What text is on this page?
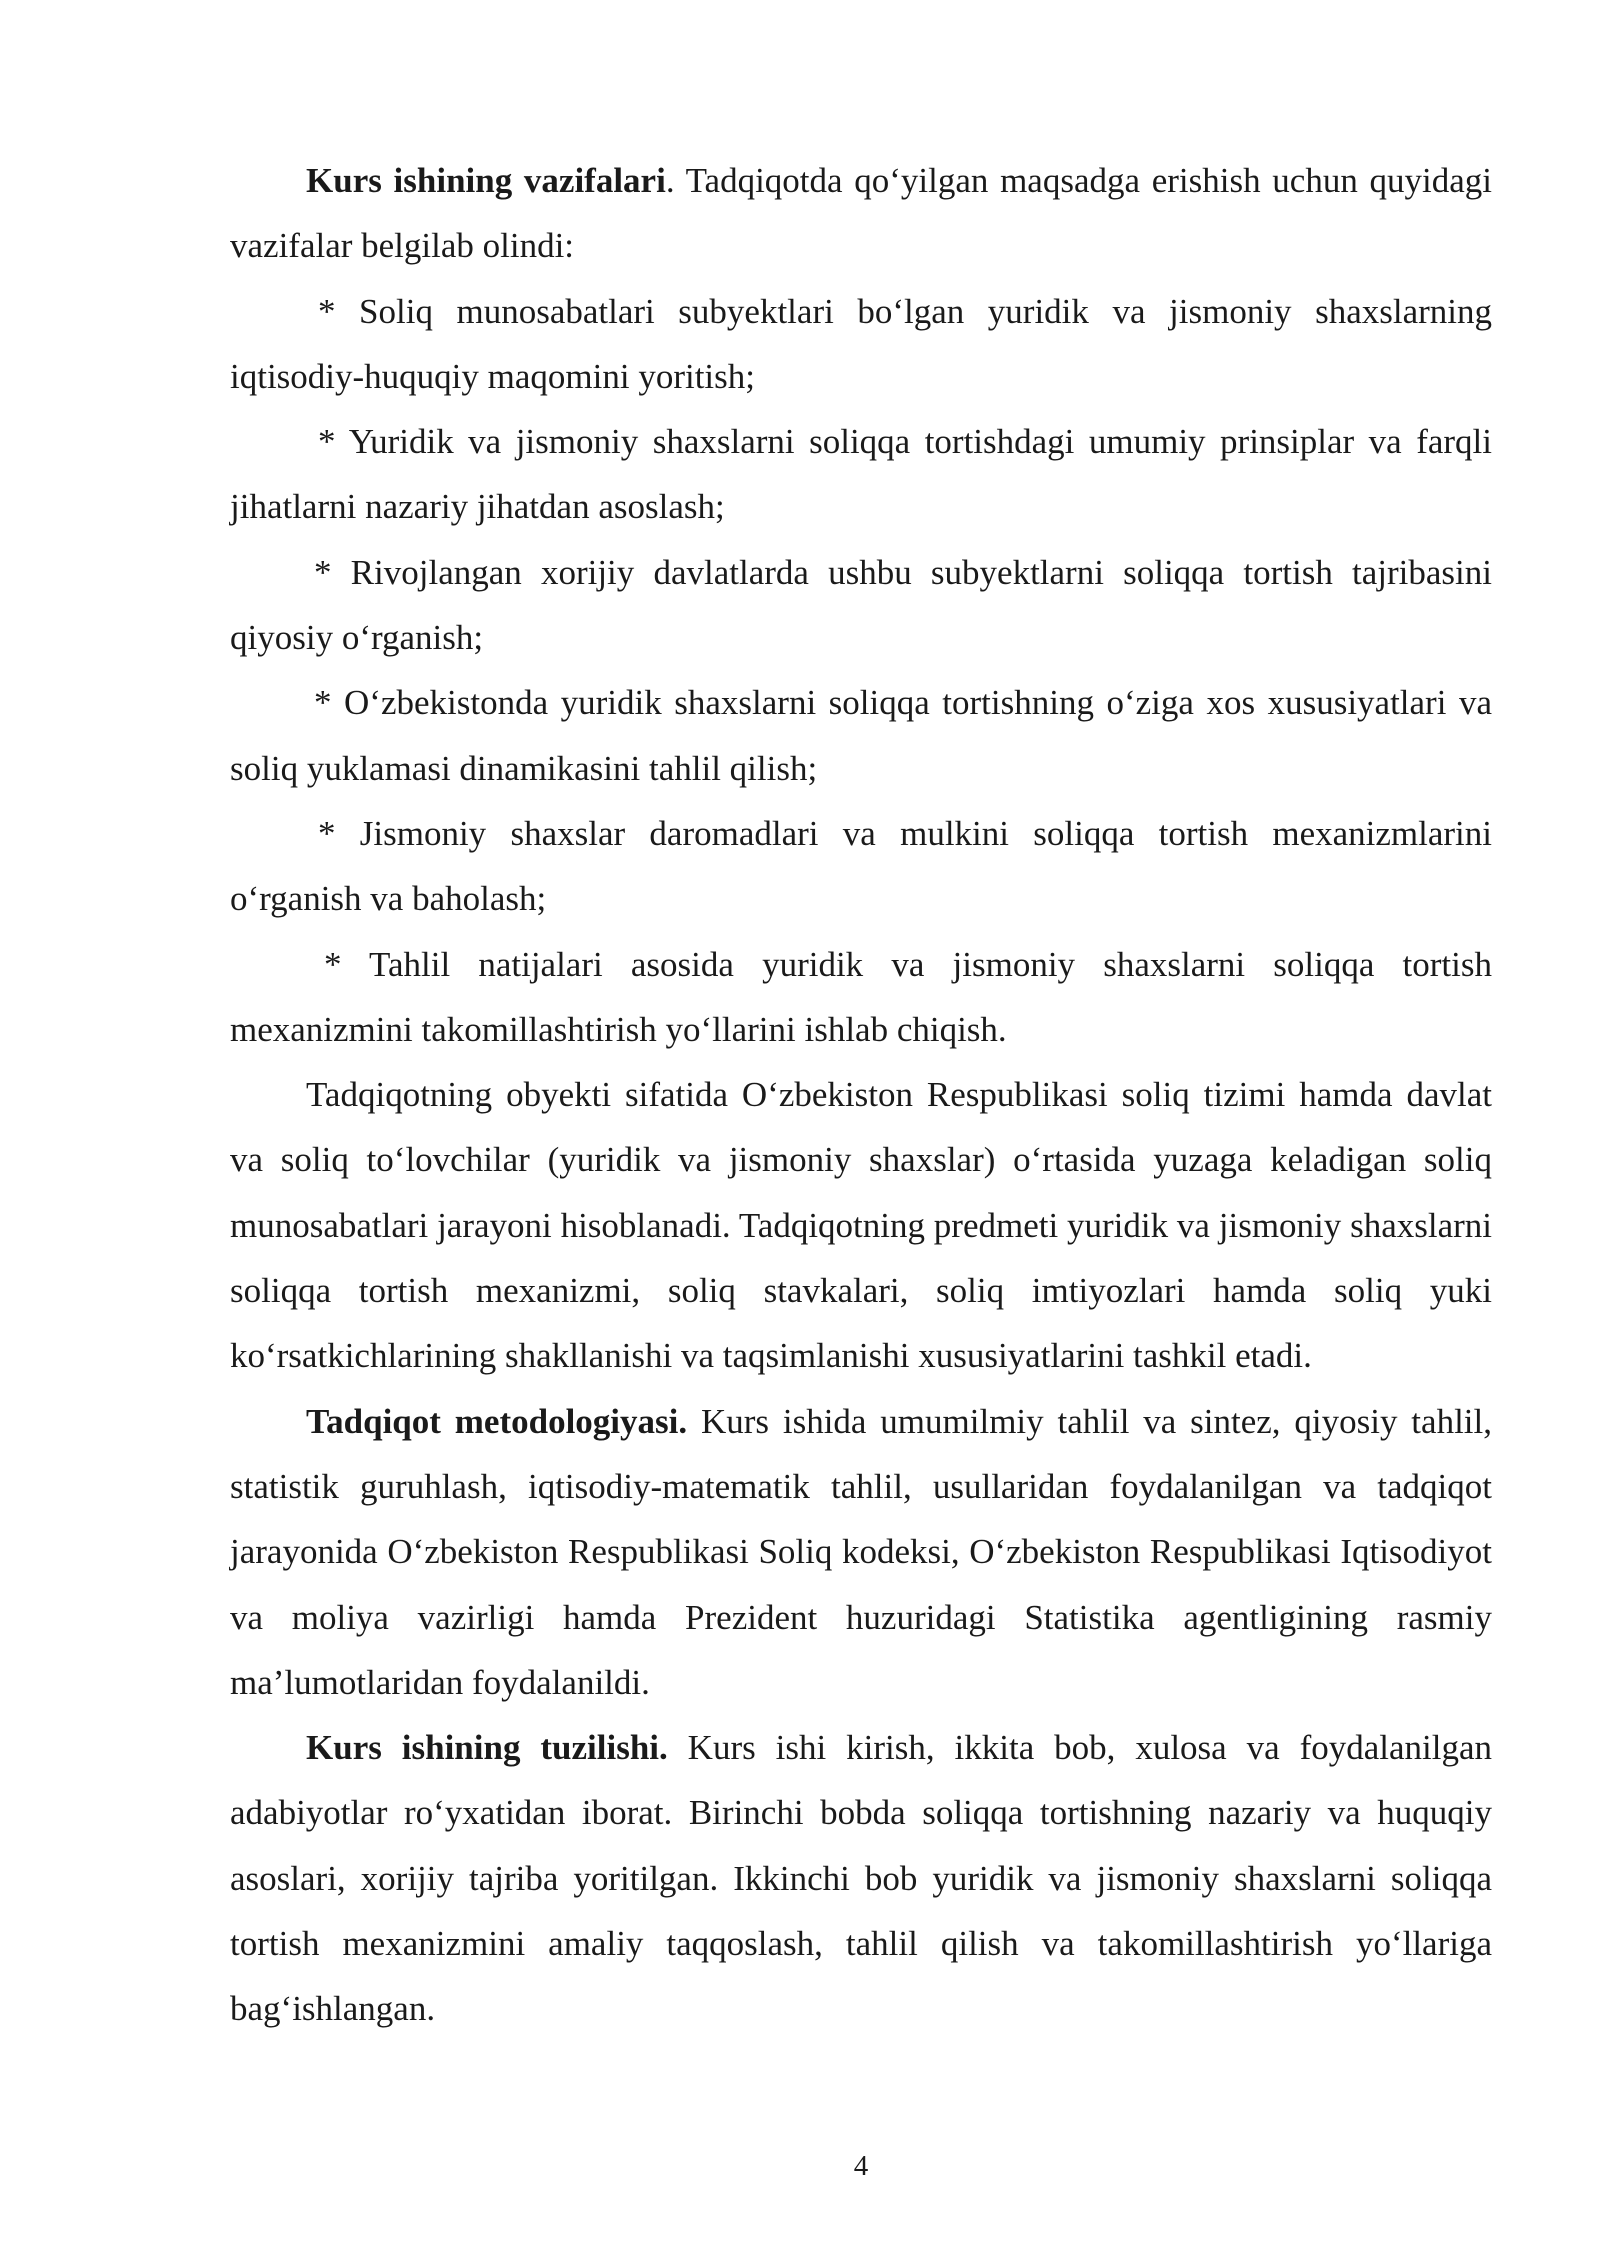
Kurs ishining vazifalari. Tadqiqotda qo‘yilgan maqsadga erishish uchun quyidagi vazifalar belgilab olindi:

* Soliq munosabatlari subyektlari bo‘lgan yuridik va jismoniy shaxslarning iqtisodiy-huquqiy maqomini yoritish;

* Yuridik va jismoniy shaxslarni soliqqa tortishdagi umumiy prinsiplar va farqli jihatlarni nazariy jihatdan asoslash;

* Rivojlangan xorijiy davlatlarda ushbu subyektlarni soliqqa tortish tajribasini qiyosiy o‘rganish;

* O‘zbekistonda yuridik shaxslarni soliqqa tortishning o‘ziga xos xususiyatlari va soliq yuklamasi dinamikasini tahlil qilish;

* Jismoniy shaxslar daromadlari va mulkini soliqqa tortish mexanizmlarini o‘rganish va baholash;

* Tahlil natijalari asosida yuridik va jismoniy shaxslarni soliqqa tortish mexanizmini takomillashtirish yo‘llarini ishlab chiqish.

Tadqiqotning obyekti sifatida O‘zbekiston Respublikasi soliq tizimi hamda davlat va soliq to‘lovchilar (yuridik va jismoniy shaxslar) o‘rtasida yuzaga keladigan soliq munosabatlari jarayoni hisoblanadi. Tadqiqotning predmeti yuridik va jismoniy shaxslarni soliqqa tortish mexanizmi, soliq stavkalari, soliq imtiyozlari hamda soliq yuki ko‘rsatkichlarining shakllanishi va taqsimlanishi xususiyatlarini tashkil etadi.

Tadqiqot metodologiyasi. Kurs ishida umumilmiy tahlil va sintez, qiyosiy tahlil, statistik guruhlash, iqtisodiy-matematik tahlil, usullaridan foydalanilgan va tadqiqot jarayonida O‘zbekiston Respublikasi Soliq kodeksi, O‘zbekiston Respublikasi Iqtisodiyot va moliya vazirligi hamda Prezident huzuridagi Statistika agentligining rasmiy ma’lumotlaridan foydalanildi.

Kurs ishining tuzilishi. Kurs ishi kirish, ikkita bob, xulosa va foydalanilgan adabiyotlar ro‘yxatidan iborat. Birinchi bobda soliqqa tortishning nazariy va huquqiy asoslari, xorijiy tajriba yoritilgan. Ikkinchi bob yuridik va jismoniy shaxslarni soliqqa tortish mexanizmini amaliy taqqoslash, tahlil qilish va takomillashtirish yo‘llariga bag‘ishlangan.

4
